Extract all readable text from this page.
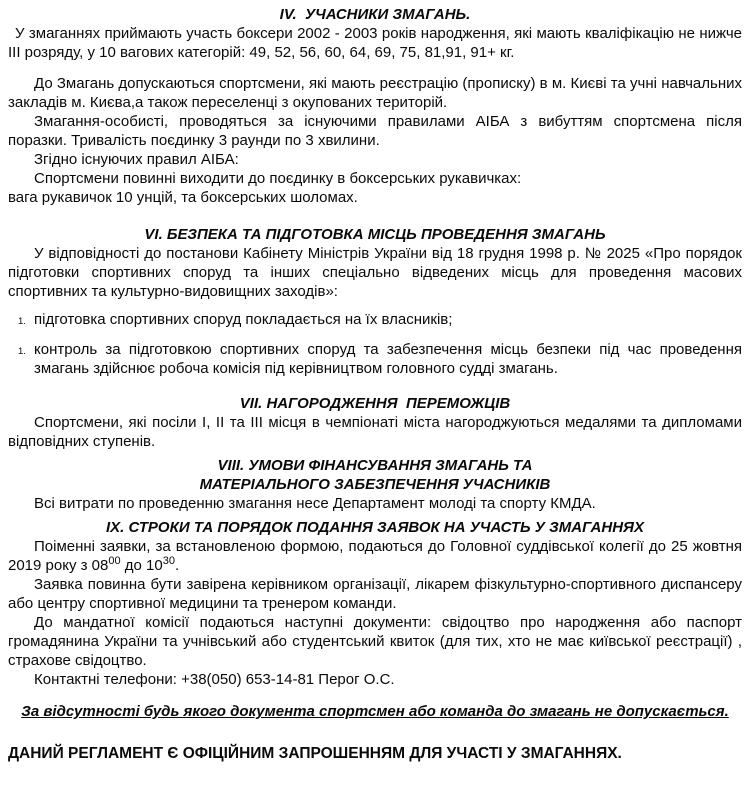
IV.  УЧАСНИКИ ЗМАГАНЬ.

У змаганнях приймають участь боксери 2002 - 2003 років народження, які мають кваліфікацію не нижче III розряду, у 10 вагових категорій: 49, 52, 56, 60, 64, 69, 75, 81,91, 91+ кг.

До Змагань допускаються спортсмени, які мають реєстрацію (прописку) в м. Києві та учні навчальних закладів м. Києва,а також переселенці з окупованих територій.

Змагання-особисті, проводяться за існуючими правилами АІБА з вибуттям спортсмена після поразки. Тривалість поєдинку 3 раунди по 3 хвилини.

Згідно існуючих правил АІБА:

Спортсмени повинні виходити до поєдинку в боксерських рукавичках:

вага рукавичок 10 унцій, та боксерських шоломах.

VI. БЕЗПЕКА ТА ПІДГОТОВКА МІСЦЬ ПРОВЕДЕННЯ ЗМАГАНЬ

У відповідності до постанови Кабінету Міністрів України від 18 грудня 1998 р. № 2025 «Про порядок підготовки спортивних споруд та інших спеціально відведених місць для проведення масових спортивних та культурно-видовищних заходів»:

1. підготовка спортивних споруд покладається на їх власників;
1. контроль за підготовкою спортивних споруд та забезпечення місць безпеки під час проведення змагань здійснює робоча комісія під керівництвом головного судді змагань.
VII. НАГОРОДЖЕННЯ  ПЕРЕМОЖЦІВ

Спортсмени, які посіли I, II та III місця в чемпіонаті міста нагороджуються медалями та дипломами відповідних ступенів.

VIII. УМОВИ ФІНАНСУВАННЯ ЗМАГАНЬ ТА
МАТЕРІАЛЬНОГО ЗАБЕЗПЕЧЕННЯ УЧАСНИКІВ

Всі витрати по проведенню змагання несе Департамент молоді та спорту КМДА.

IX. СТРОКИ ТА ПОРЯДОК ПОДАННЯ ЗАЯВОК НА УЧАСТЬ У ЗМАГАННЯХ

Поіменні заявки, за встановленою формою, подаються до Головної суддівської колегії до 25 жовтня 2019 року з $08^{00}$ до $10^{30}$.

Заявка повинна бути завірена керівником організації, лікарем фізкультурно-спортивного диспансеру або центру спортивної медицини та тренером команди.

До мандатної комісії подаються наступні документи: свідоцтво про народження або паспорт громадянина України та учнівський або студентський квиток (для тих, хто не має київської реєстрації) , страхове свідоцтво.

Контактні телефони: +38(050) 653-14-81 Перог О.С.

За відсутності будь якого документа спортсмен або команда до змагань не допускається.

ДАНИЙ РЕГЛАМЕНТ Є ОФІЦІЙНИМ ЗАПРОШЕННЯМ ДЛЯ УЧАСТІ У ЗМАГАННЯХ.
